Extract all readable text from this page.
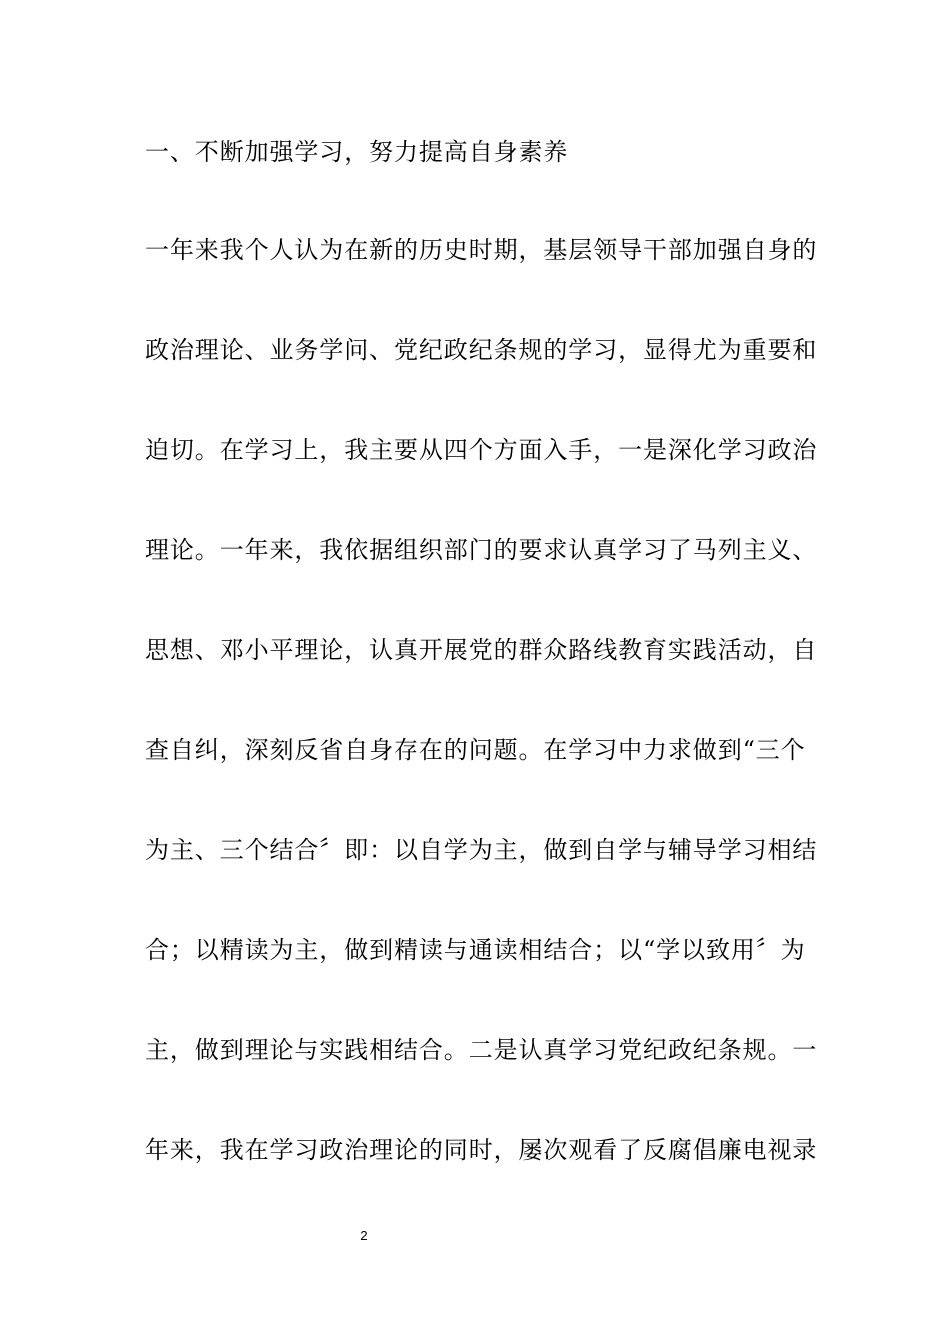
一、不断加强学习，努力提高自身素养
一年来我个人认为在新的历史时期，基层领导干部加强自身的
政治理论、业务学问、党纪政纪条规的学习，显得尤为重要和
迫切。在学习上，我主要从四个方面入手，一是深化学习政治
理论。一年来，我依据组织部门的要求认真学习了马列主义、
思想、邓小平理论，认真开展党的群众路线教育实践活动，自
查自纠，深刻反省自身存在的问题。在学习中力求做到“三个
为主、三个结合〞即：以自学为主，做到自学与辅导学习相结
合；以精读为主，做到精读与通读相结合；以“学以致用〞为
主，做到理论与实践相结合。二是认真学习党纪政纪条规。一
年来，我在学习政治理论的同时，屡次观看了反腐倡廉电视录
2
